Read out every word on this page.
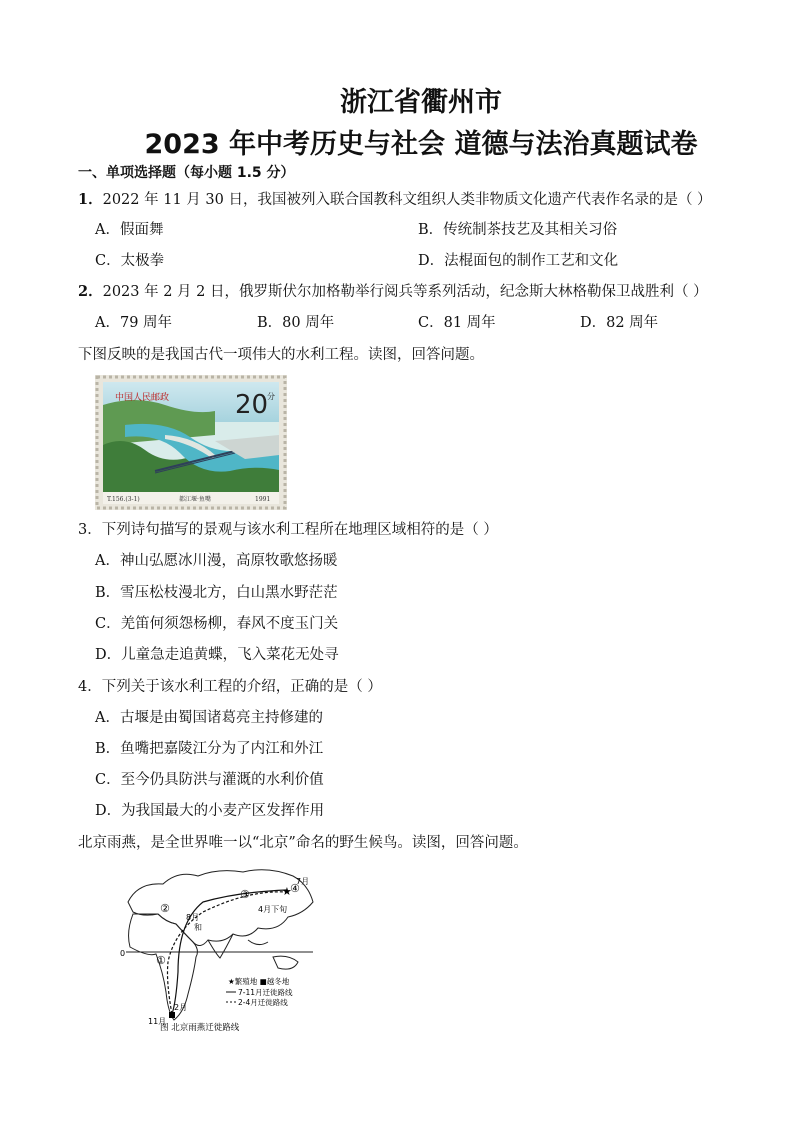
浙江省衢州市
2023 年中考历史与社会 道德与法治真题试卷
一、单项选择题（每小题 1.5 分）
1．2022 年 11 月 30 日，我国被列入联合国教科文组织人类非物质文化遗产代表作名录的是（ ）
A．假面舞	B．传统制茶技艺及其相关习俗
C．太极拳	D．法棍面包的制作工艺和文化
2．2023 年 2 月 2 日，俄罗斯伏尔加格勒举行阅兵等系列活动，纪念斯大林格勒保卫战胜利（ ）
A．79 周年	B．80 周年	C．81 周年	D．82 周年
下图反映的是我国古代一项伟大的水利工程。读图，回答问题。
中国人民邮政	20
分
T.156.(3-1)	都江堰·鱼嘴	1991
3．下列诗句描写的景观与该水利工程所在地理区域相符的是（ ）
A．神山弘愿冰川漫，高原牧歌悠扬暖
B．雪压松枝漫北方，白山黑水野茫茫
C．羌笛何须怨杨柳，春风不度玉门关
D．儿童急走追黄蝶，飞入菜花无处寻
4．下列关于该水利工程的介绍，正确的是（ ）
A．古堰是由蜀国诸葛亮主持修建的
B．鱼嘴把嘉陵江分为了内江和外江
C．至今仍具防洪与灌溉的水利价值
D．为我国最大的小麦产区发挥作用
北京雨燕，是全世界唯一以“北京”命名的野生候鸟。读图，回答问题。
★
①
②
③	④
7月
4月下旬
8月
和
11月
2月
0
★繁殖地 ■越冬地
7-11月迁徙路线
2-4月迁徙路线
图 北京雨燕迁徙路线
